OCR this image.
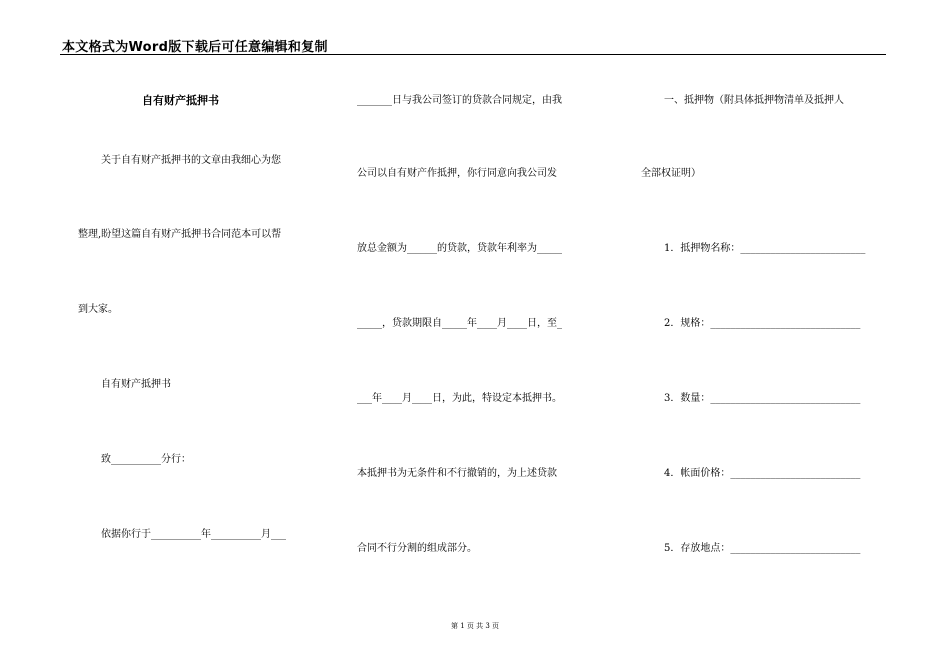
本文格式为Word版下载后可任意编辑和复制
自有财产抵押书
关于自有财产抵押书的文章由我细心为您
整理,盼望这篇自有财产抵押书合同范本可以帮
到大家。
自有财产抵押书
致__________分行：
依据你行于__________年__________月___
_______日与我公司签订的贷款合同规定，由我
公司以自有财产作抵押，你行同意向我公司发
放总金额为______的贷款，贷款年利率为_____
_____，贷款期限自_____年____月____日，至_
___年____月____日，为此，特设定本抵押书。
本抵押书为无条件和不行撤销的，为上述贷款
合同不行分割的组成部分。
一、抵押物（附具体抵押物清单及抵押人
全部权证明）
1．抵押物名称：_________________________
2．规格：______________________________
3．数量：______________________________
4．帐面价格：__________________________
5．存放地点：__________________________
第 1 页 共 3 页
